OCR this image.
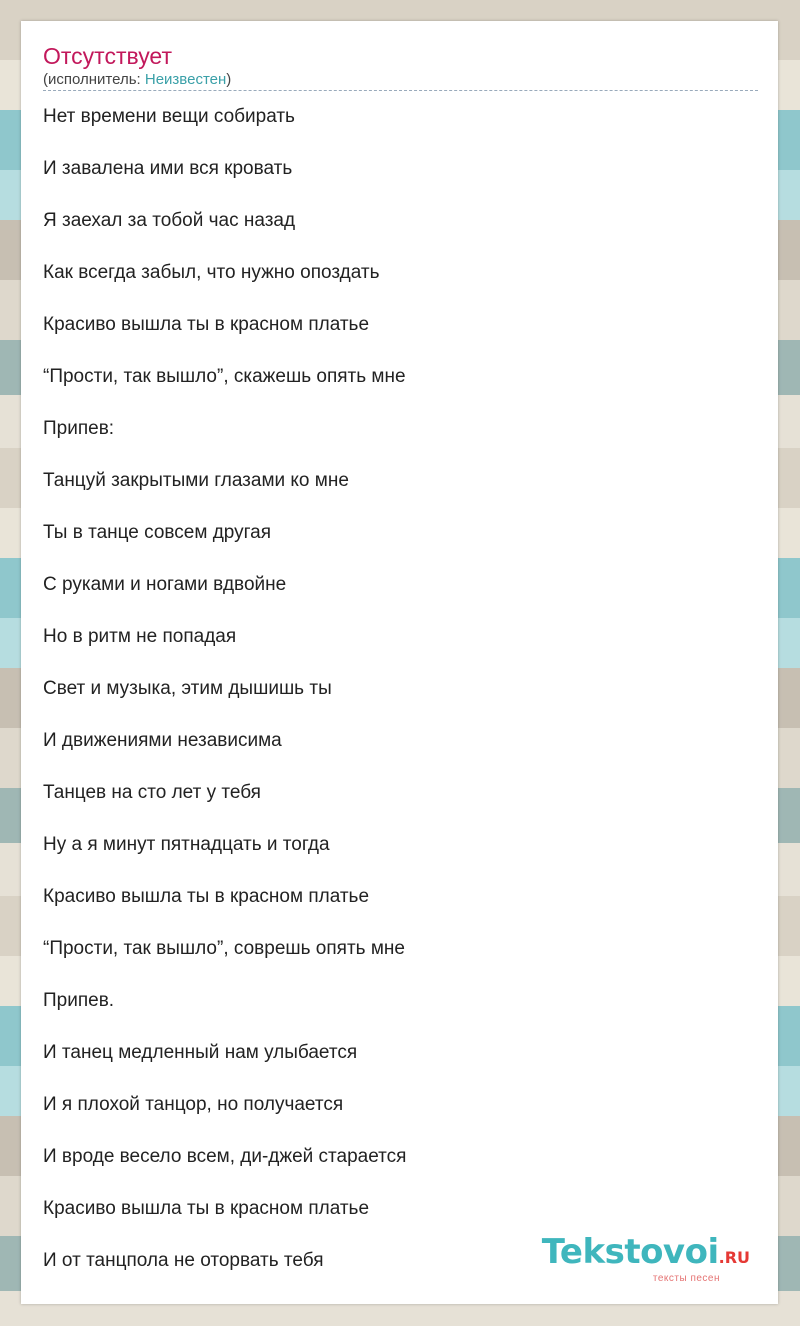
Отсутствует
(исполнитель: Неизвестен)
Нет времени вещи собирать
И завалена ими вся кровать
Я заехал за тобой час назад
Как всегда забыл, что нужно опоздать
Красиво вышла ты в красном платье
“Прости, так вышло”, скажешь опять мне
Припев:
Танцуй закрытыми глазами ко мне
Ты в танце совсем другая
С руками и ногами вдвойне
Но в ритм не попадая
Свет и музыка, этим дышишь ты
И движениями независима
Танцев на сто лет у тебя
Ну а я минут пятнадцать и тогда
Красиво вышла ты в красном платье
“Прости, так вышло”, соврешь опять мне
Припев.
И танец медленный нам улыбается
И я плохой танцор, но получается
И вроде весело всем, ди-джей старается
Красиво вышла ты в красном платье
И от танцпола не оторвать тебя	Tekstovoi.RU
тексты песен
